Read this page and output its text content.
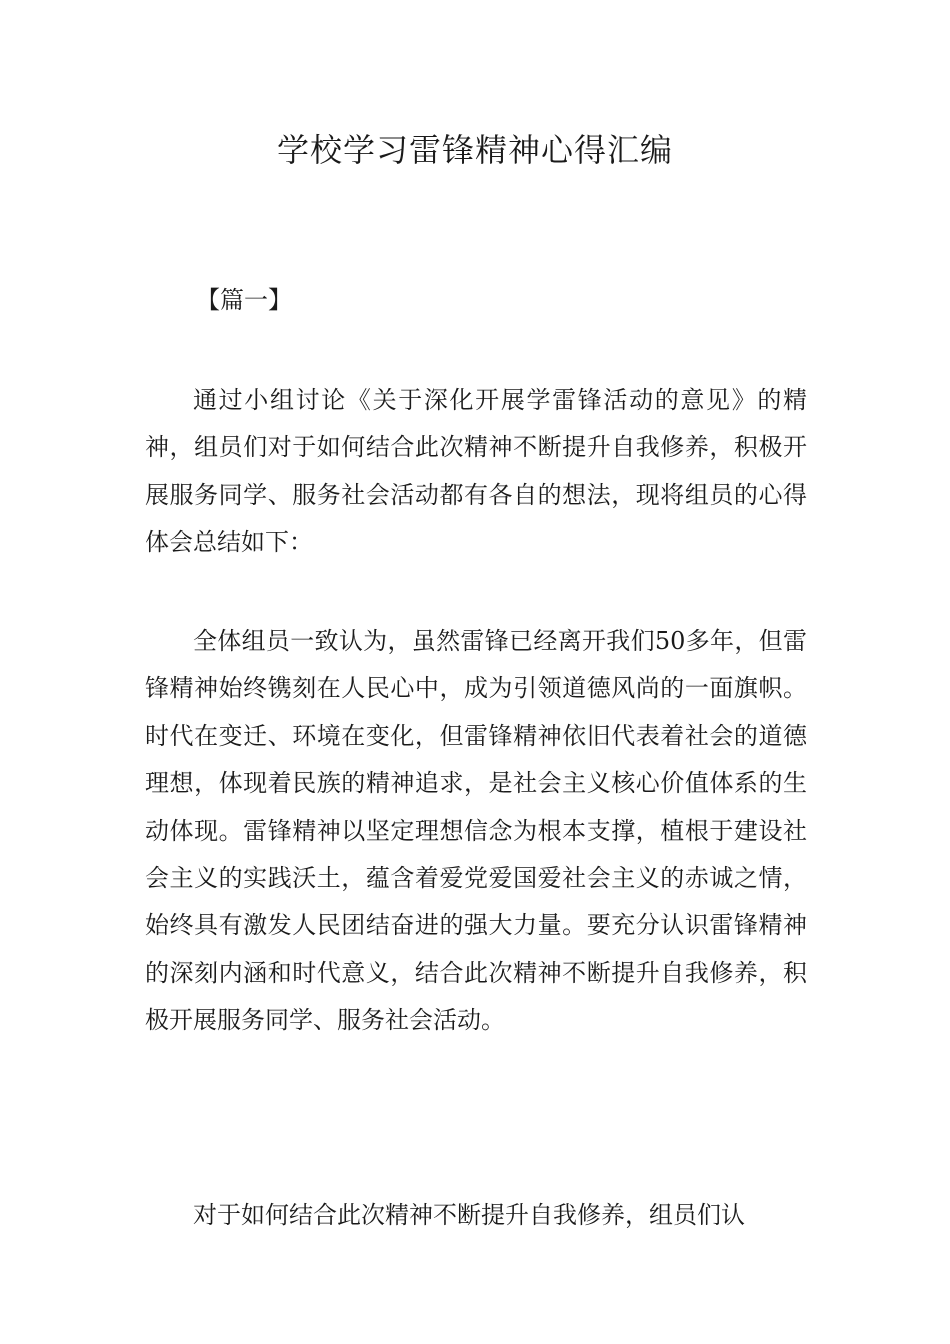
学校学习雷锋精神心得汇编

【篇一】

通过小组讨论《关于深化开展学雷锋活动的意见》的精神，组员们对于如何结合此次精神不断提升自我修养，积极开展服务同学、服务社会活动都有各自的想法，现将组员的心得体会总结如下：

全体组员一致认为，虽然雷锋已经离开我们50多年，但雷锋精神始终镌刻在人民心中，成为引领道德风尚的一面旗帜。时代在变迁、环境在变化，但雷锋精神依旧代表着社会的道德理想，体现着民族的精神追求，是社会主义核心价值体系的生动体现。雷锋精神以坚定理想信念为根本支撑，植根于建设社会主义的实践沃土，蕴含着爱党爱国爱社会主义的赤诚之情，始终具有激发人民团结奋进的强大力量。要充分认识雷锋精神的深刻内涵和时代意义，结合此次精神不断提升自我修养，积极开展服务同学、服务社会活动。

对于如何结合此次精神不断提升自我修养，组员们认
